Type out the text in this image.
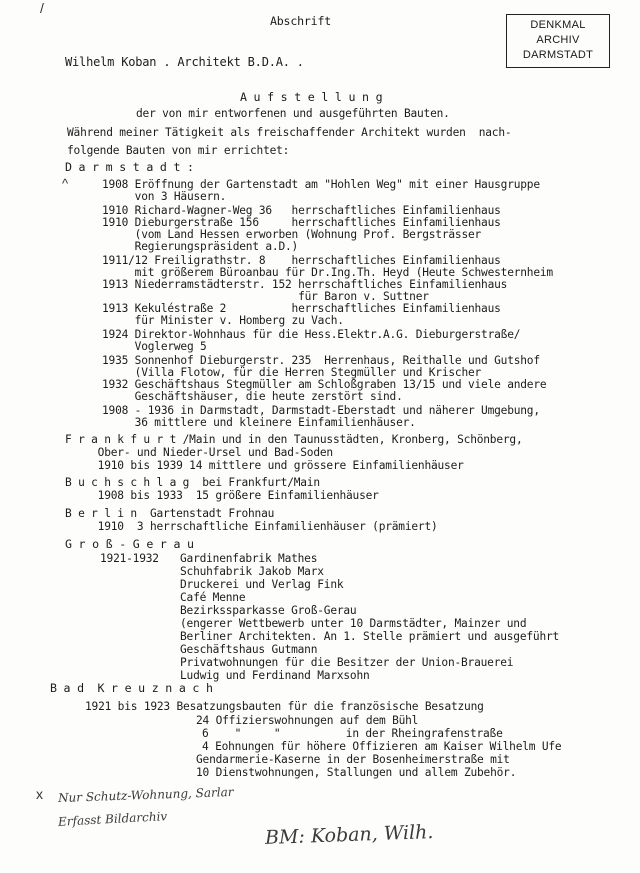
/
Abschrift	DENKMAL
ARCHIV
DARMSTADT
Wilhelm Koban . Architekt B.D.A. .
A u f s t e l l u n g
der von mir entworfenen und ausgeführten Bauten.
Während meiner Tätigkeit als freischaffender Architekt wurden  nach-
folgende Bauten von mir errichtet:
D a r m s t a d t :
^	1908 Eröffnung der Gartenstadt am "Hohlen Weg" mit einer Hausgruppe
von 3 Häusern.
1910 Richard-Wagner-Weg 36   herrschaftliches Einfamilienhaus
1910 Dieburgerstraße 156     herrschaftliches Einfamilienhaus
(vom Land Hessen erworben (Wohnung Prof. Bergsträsser
Regierungspräsident a.D.)
1911/12 Freiligrathstr. 8    herrschaftliches Einfamilienhaus
mit größerem Büroanbau für Dr.Ing.Th. Heyd (Heute Schwesternheim
1913 Niederramstädterstr. 152 herrschaftliches Einfamilienhaus
für Baron v. Suttner
1913 Kekuléstraße 2          herrschaftliches Einfamilienhaus
für Minister v. Homberg zu Vach.
1924 Direktor-Wohnhaus für die Hess.Elektr.A.G. Dieburgerstraße/
Voglerweg 5
1935 Sonnenhof Dieburgerstr. 235  Herrenhaus, Reithalle und Gutshof
(Villa Flotow, für die Herren Stegmüller und Krischer
1932 Geschäftshaus Stegmüller am Schloßgraben 13/15 und viele andere
Geschäftshäuser, die heute zerstört sind.
1908 - 1936 in Darmstadt, Darmstadt-Eberstadt und näherer Umgebung,
36 mittlere und kleinere Einfamilienhäuser.
F r a n k f u r t /Main und in den Taunusstädten, Kronberg, Schönberg,
Ober- und Nieder-Ursel und Bad-Soden
1910 bis 1939 14 mittlere und grössere Einfamilienhäuser
B u c h s c h l a g  bei Frankfurt/Main
1908 bis 1933  15 größere Einfamilienhäuser
B e r l i n  Gartenstadt Frohnau
1910  3 herrschaftliche Einfamilienhäuser (prämiert)
G r o ß - G e r a u
1921-1932 Gardinenfabrik Mathes
Schuhfabrik Jakob Marx
Druckerei und Verlag Fink
Café Menne
Bezirkssparkasse Groß-Gerau
(engerer Wettbewerb unter 10 Darmstädter, Mainzer und
Berliner Architekten. An 1. Stelle prämiert und ausgeführt
Geschäftshaus Gutmann
Privatwohnungen für die Besitzer der Union-Brauerei
Ludwig und Ferdinand Marxsohn
B a d  K r e u z n a c h
1921 bis 1923 Besatzungsbauten für die französische Besatzung
24 Offizierswohnungen auf dem Bühl
6    "     "          in der Rheingrafenstraße
4 Eohnungen für höhere Offizieren am Kaiser Wilhelm Ufe
Gendarmerie-Kaserne in der Bosenheimerstraße mit
10 Dienstwohnungen, Stallungen und allem Zubehör.
x Nur Schutz-Wohnung, Sarlar
Erfasst Bildarchiv
BM: Koban, Wilh.
